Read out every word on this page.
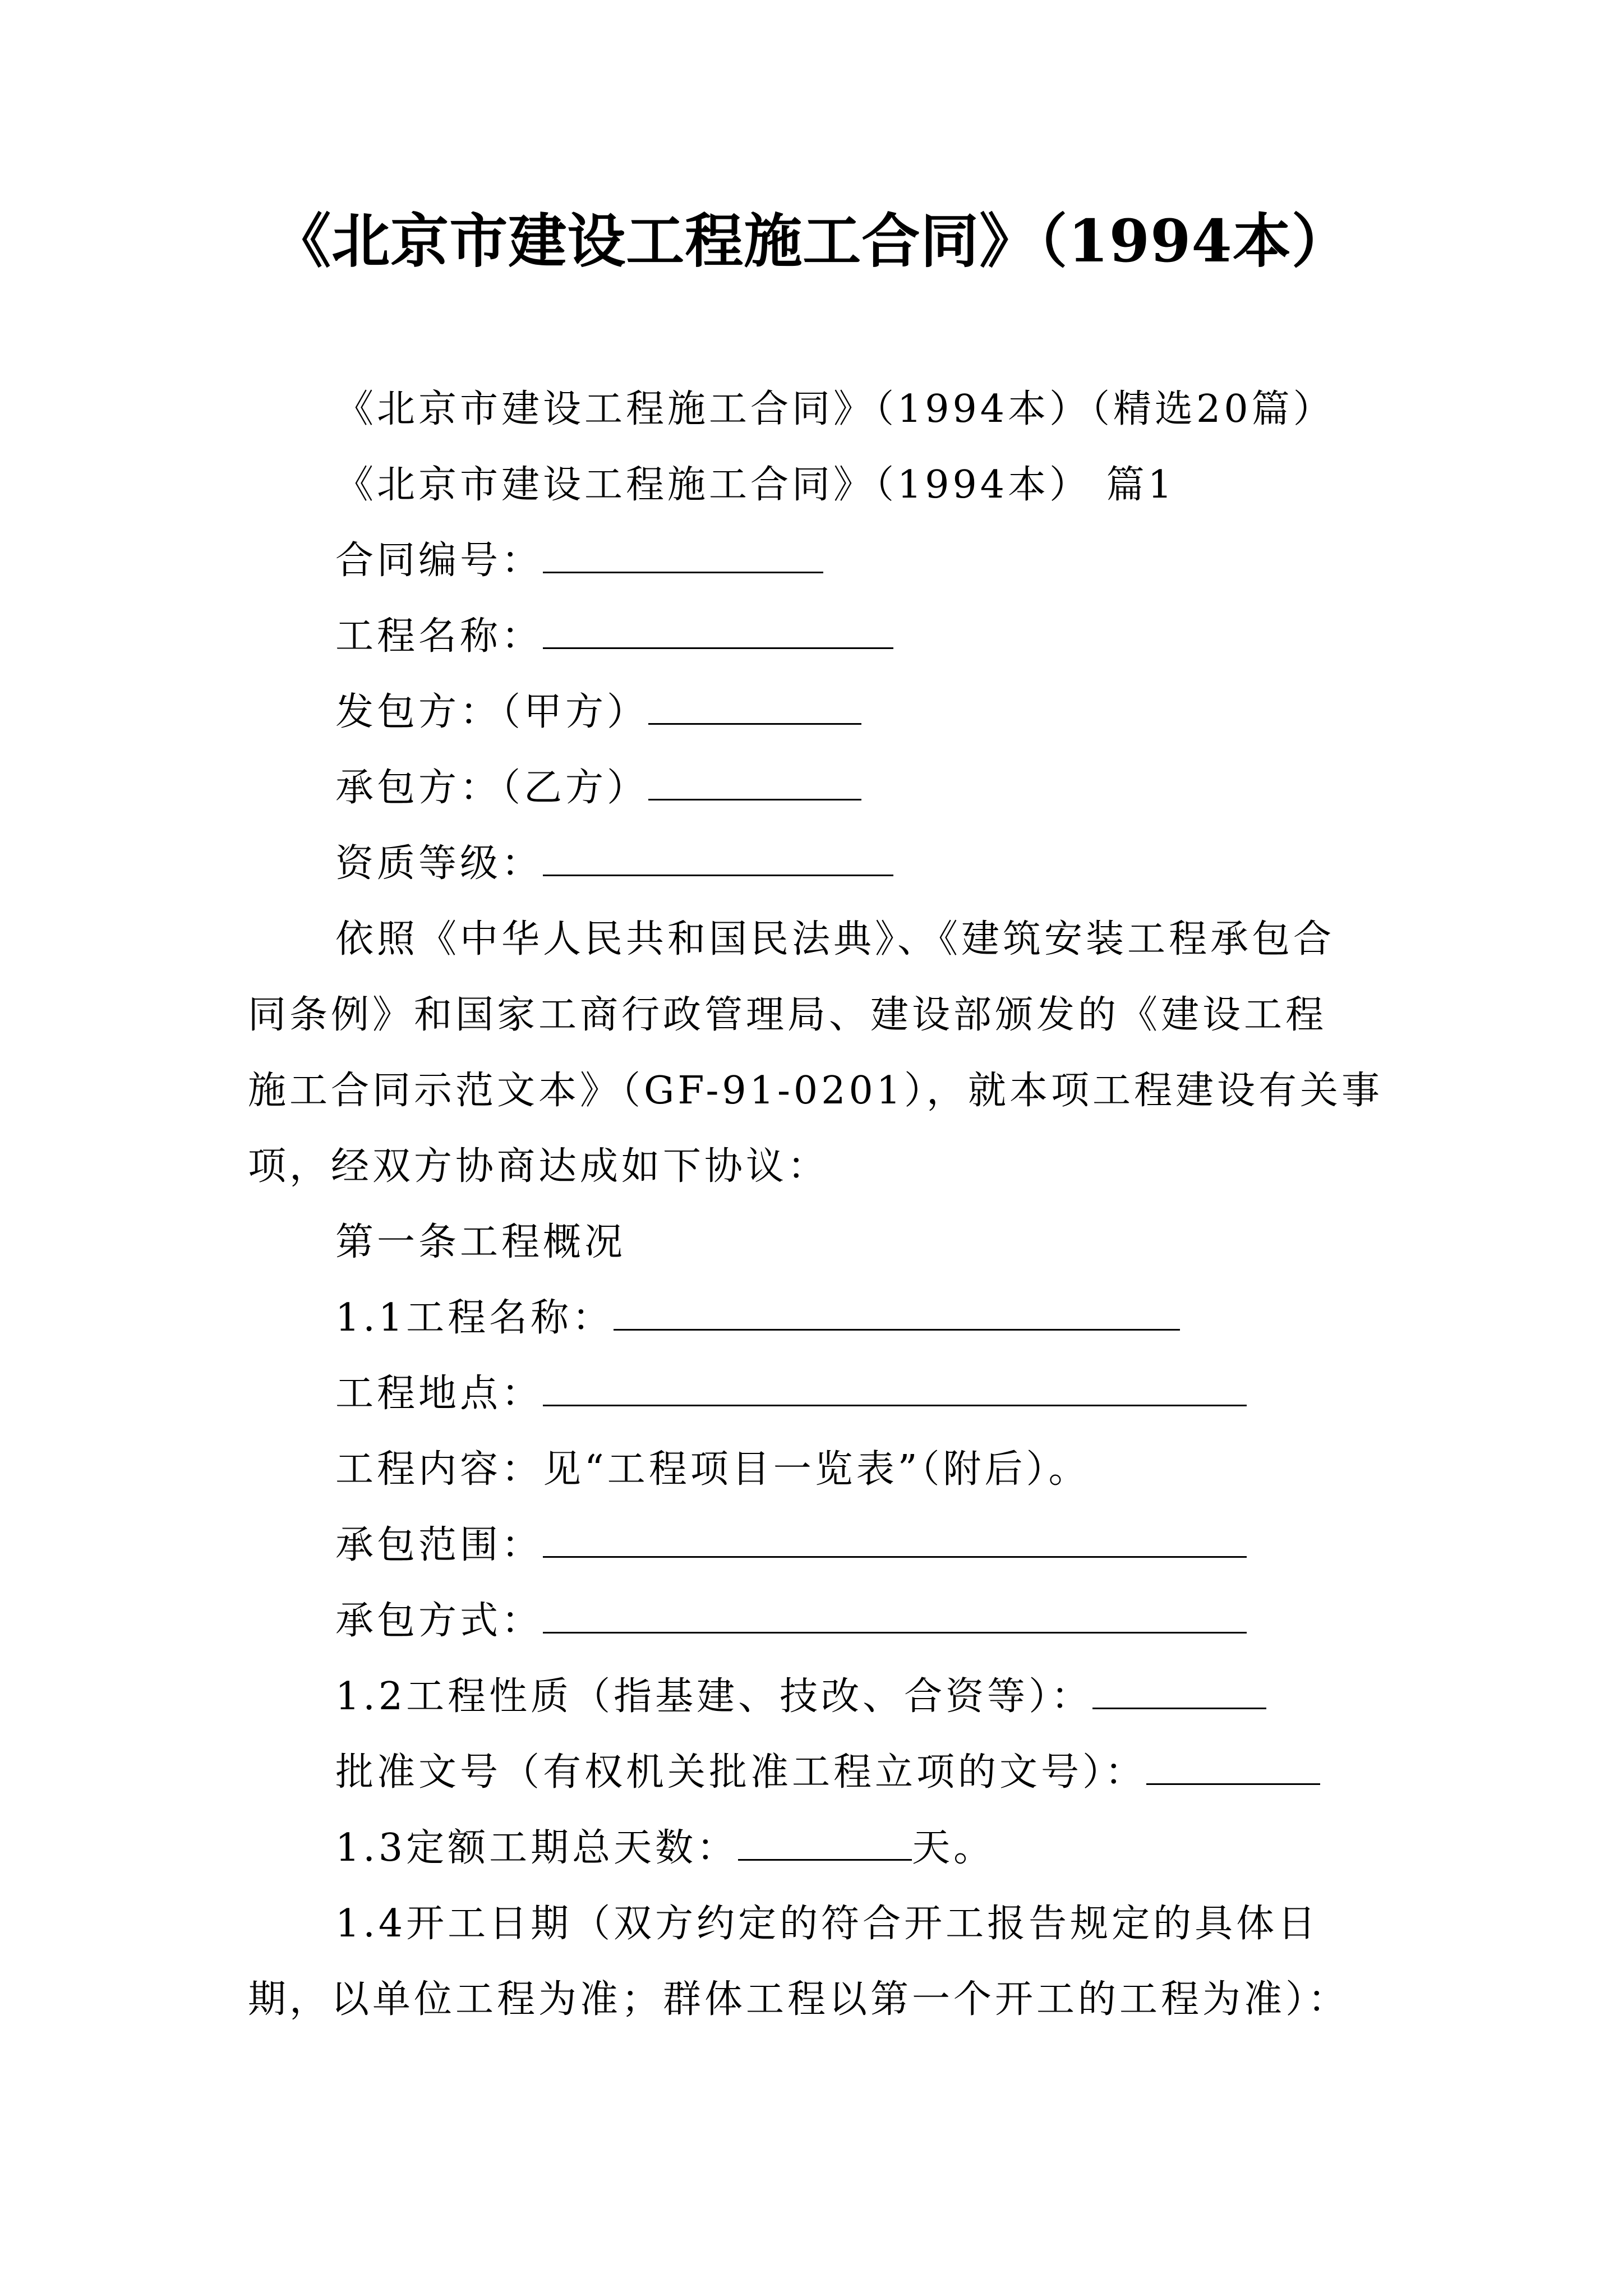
《北京市建设工程施工合同》（1994本）
《北京市建设工程施工合同》（1994本）（精选20篇）
《北京市建设工程施工合同》（1994本） 篇1
合同编号：
工程名称：
发包方：（甲方）
承包方：（乙方）
资质等级：
依照《中华人民共和国民法典》、《建筑安装工程承包合
同条例》和国家工商行政管理局、建设部颁发的《建设工程
施工合同示范文本》（GF-91-0201），就本项工程建设有关事
项，经双方协商达成如下协议：
第一条工程概况
1.1工程名称：
工程地点：
工程内容：见“工程项目一览表”（附后）。
承包范围：
承包方式：
1.2工程性质（指基建、技改、合资等）：
批准文号（有权机关批准工程立项的文号）：
1.3定额工期总天数：	天。
1.4开工日期（双方约定的符合开工报告规定的具体日
期，以单位工程为准；群体工程以第一个开工的工程为准）：
